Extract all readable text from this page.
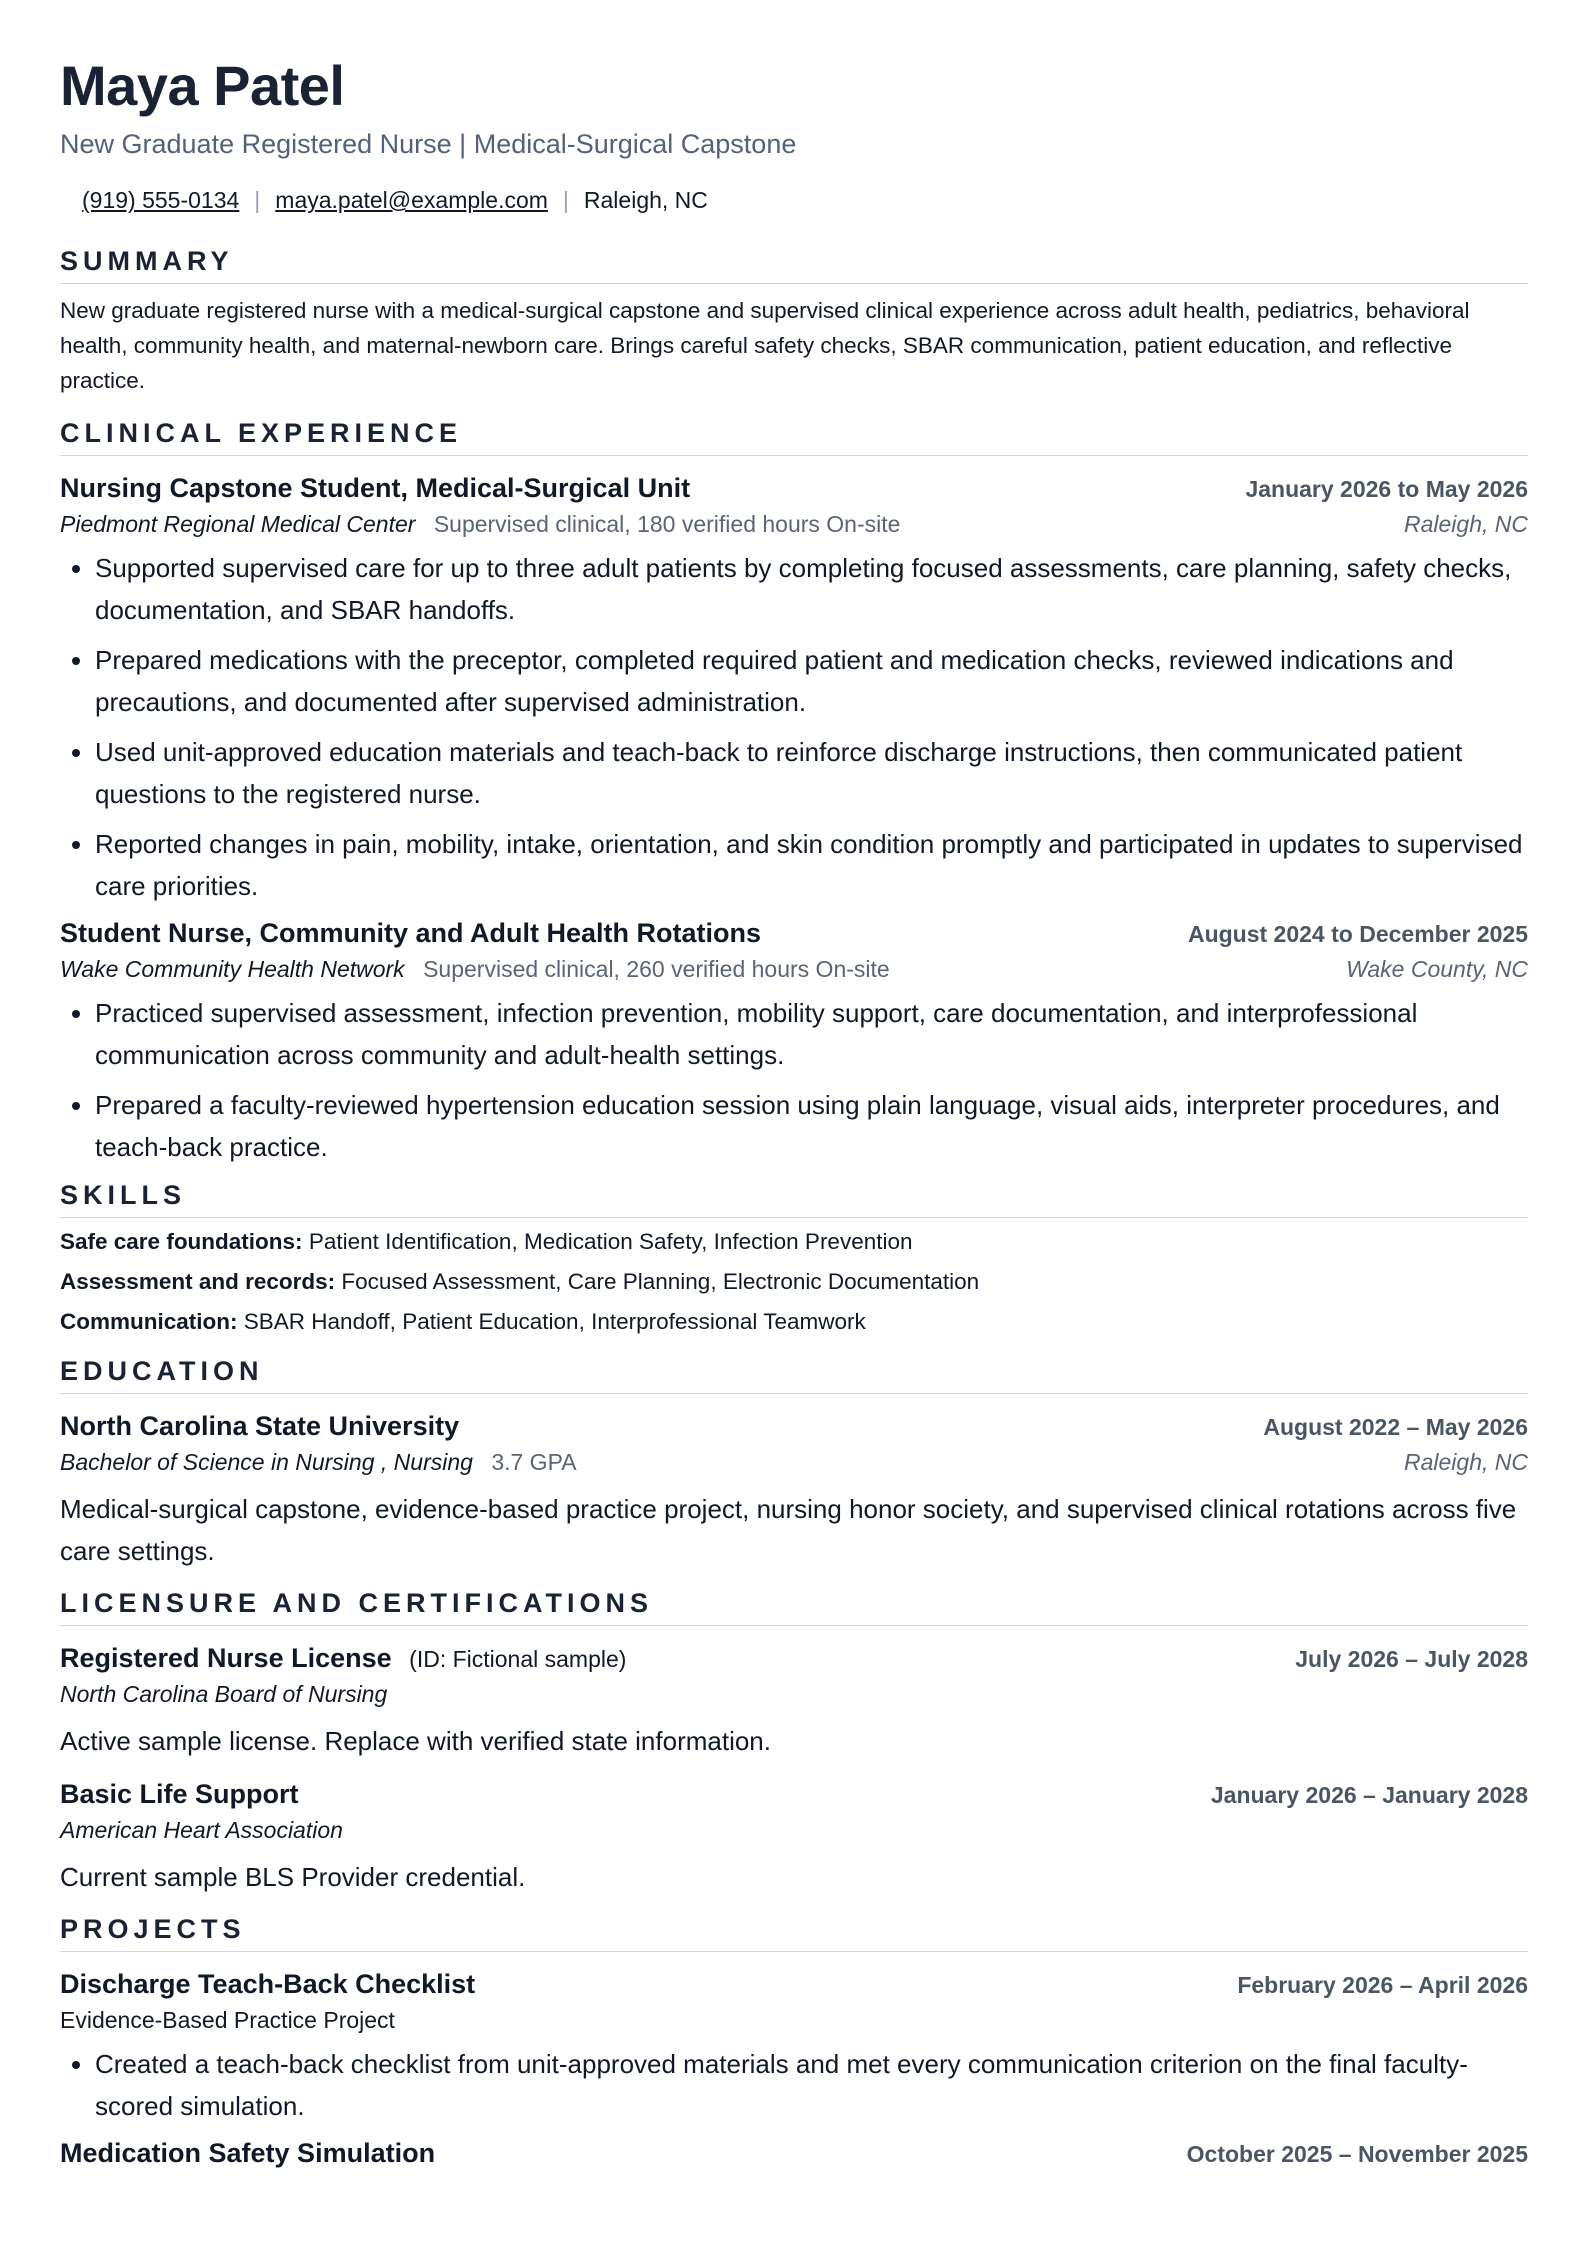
Maya Patel
New Graduate Registered Nurse | Medical-Surgical Capstone
(919) 555-0134 | maya.patel@example.com | Raleigh, NC
SUMMARY
New graduate registered nurse with a medical-surgical capstone and supervised clinical experience across adult health, pediatrics, behavioral health, community health, and maternal-newborn care. Brings careful safety checks, SBAR communication, patient education, and reflective practice.
CLINICAL EXPERIENCE
Nursing Capstone Student, Medical-Surgical Unit	January 2026 to May 2026
Piedmont Regional Medical Center Supervised clinical, 180 verified hours On-site	Raleigh, NC
• Supported supervised care for up to three adult patients by completing focused assessments, care planning, safety checks, documentation, and SBAR handoffs.
• Prepared medications with the preceptor, completed required patient and medication checks, reviewed indications and precautions, and documented after supervised administration.
• Used unit-approved education materials and teach-back to reinforce discharge instructions, then communicated patient questions to the registered nurse.
• Reported changes in pain, mobility, intake, orientation, and skin condition promptly and participated in updates to supervised care priorities.
Student Nurse, Community and Adult Health Rotations	August 2024 to December 2025
Wake Community Health Network Supervised clinical, 260 verified hours On-site	Wake County, NC
• Practiced supervised assessment, infection prevention, mobility support, care documentation, and interprofessional communication across community and adult-health settings.
• Prepared a faculty-reviewed hypertension education session using plain language, visual aids, interpreter procedures, and teach-back practice.
SKILLS
Safe care foundations: Patient Identification, Medication Safety, Infection Prevention
Assessment and records: Focused Assessment, Care Planning, Electronic Documentation
Communication: SBAR Handoff, Patient Education, Interprofessional Teamwork
EDUCATION
North Carolina State University	August 2022 – May 2026
Bachelor of Science in Nursing , Nursing 3.7 GPA	Raleigh, NC
Medical-surgical capstone, evidence-based practice project, nursing honor society, and supervised clinical rotations across five care settings.
LICENSURE AND CERTIFICATIONS
Registered Nurse License (ID: Fictional sample)	July 2026 – July 2028
North Carolina Board of Nursing
Active sample license. Replace with verified state information.
Basic Life Support	January 2026 – January 2028
American Heart Association
Current sample BLS Provider credential.
PROJECTS
Discharge Teach-Back Checklist	February 2026 – April 2026
Evidence-Based Practice Project
• Created a teach-back checklist from unit-approved materials and met every communication criterion on the final faculty-scored simulation.
Medication Safety Simulation	October 2025 – November 2025
